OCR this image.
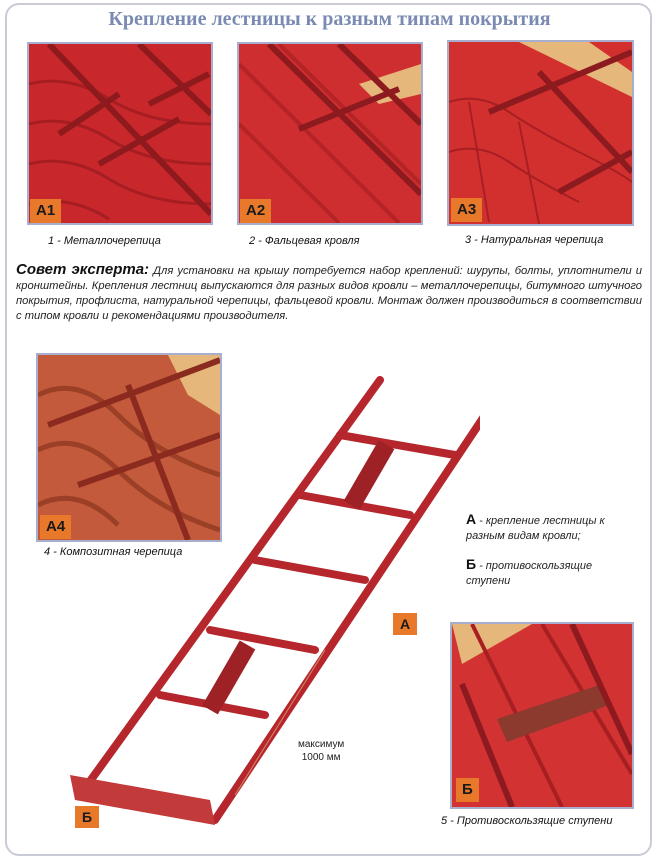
Крепление лестницы к разным типам покрытия
А1
1 - Металлочерепица
А2
2 - Фальцевая кровля
А3
3 - Натуральная черепица
Совет эксперта: Для установки на крышу потребуется набор креплений: шурупы, болты, уплотнители и кронштейны. Крепления лестниц выпускаются для разных видов кровли – металлочерепицы, битумного штучного покрытия, профлиста, натуральной черепицы, фальцевой кровли. Монтаж должен производиться в соответствии с типом кровли и рекомендациями производителя.
А4
4 - Композитная черепица
А
Б
максимум
1000 мм
А - крепление лестницы к разным видам кровли;
Б - противоскользящие ступени
Б
5 - Противоскользящие ступени
